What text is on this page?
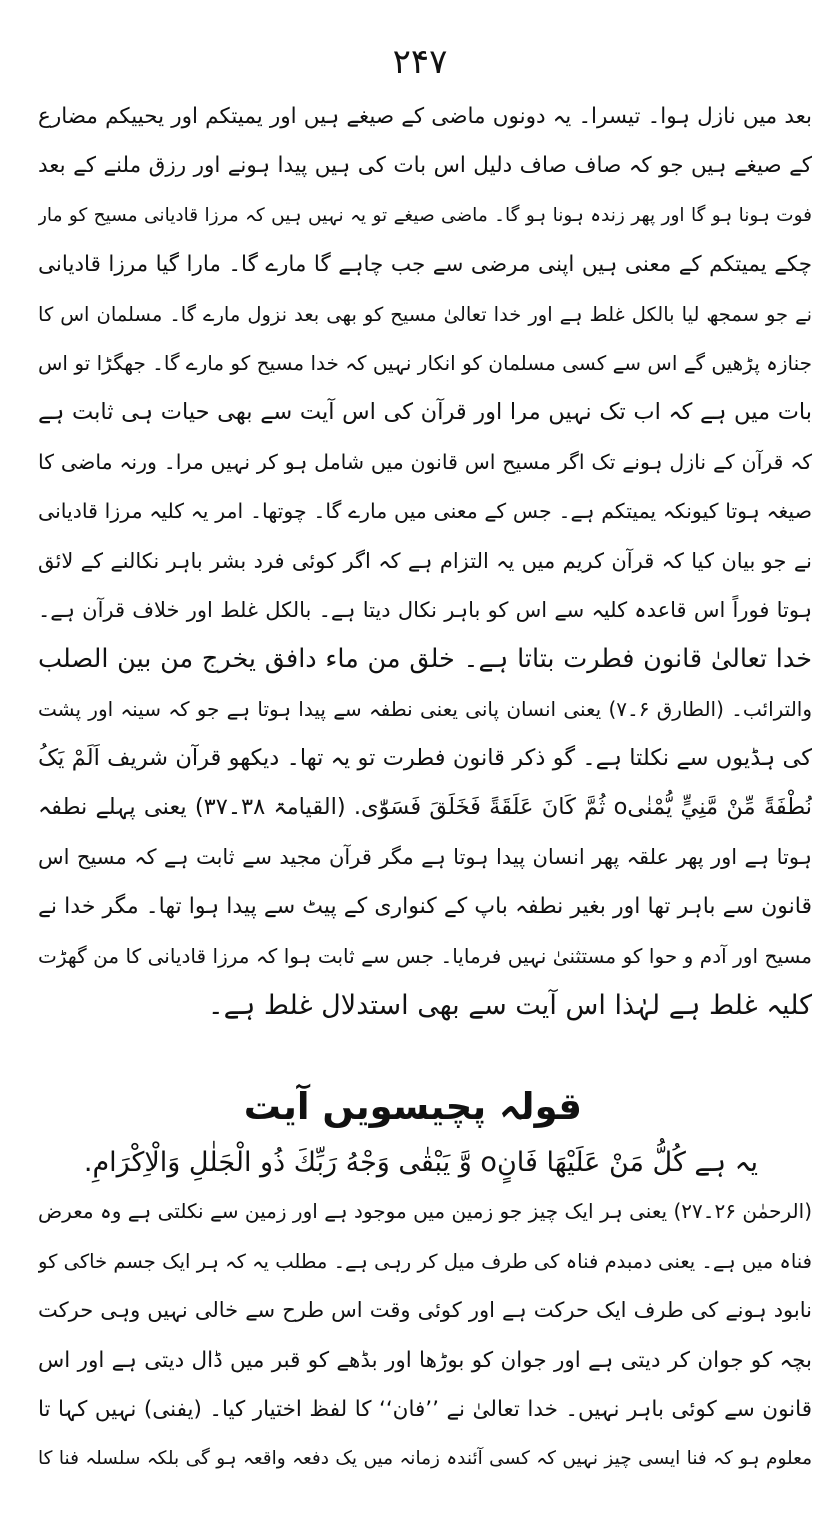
۲۴۷
بعد میں نازل ہوا۔ تیسرا۔ یہ دونوں ماضی کے صیغے ہیں اور یمیتکم اور یحییکم مضارع
کے صیغے ہیں جو کہ صاف صاف دلیل اس بات کی ہیں پیدا ہونے اور رزق ملنے کے بعد
فوت ہونا ہو گا اور پھر زندہ ہونا ہو گا۔ ماضی صیغے تو یہ نہیں ہیں کہ مرزا قادیانی مسیح کو مار
چکے یمیتکم کے معنی ہیں اپنی مرضی سے جب چاہے گا مارے گا۔ مارا گیا مرزا قادیانی
نے جو سمجھ لیا بالکل غلط ہے اور خدا تعالیٰ مسیح کو بھی بعد نزول مارے گا۔ مسلمان اس کا
جنازہ پڑھیں گے اس سے کسی مسلمان کو انکار نہیں کہ خدا مسیح کو مارے گا۔ جھگڑا تو اس
بات میں ہے کہ اب تک نہیں مرا اور قرآن کی اس آیت سے بھی حیات ہی ثابت ہے
کہ قرآن کے نازل ہونے تک اگر مسیح اس قانون میں شامل ہو کر نہیں مرا۔ ورنہ ماضی کا
صیغہ ہوتا کیونکہ یمیتکم ہے۔ جس کے معنی میں مارے گا۔ چوتھا۔ امر یہ کلیہ مرزا قادیانی
نے جو بیان کیا کہ قرآن کریم میں یہ التزام ہے کہ اگر کوئی فرد بشر باہر نکالنے کے لائق
ہوتا فوراً اس قاعدہ کلیہ سے اس کو باہر نکال دیتا ہے۔ بالکل غلط اور خلاف قرآن ہے۔
خدا تعالیٰ قانون فطرت بتاتا ہے۔ خلق من ماء دافق یخرج من بین الصلب
والترائب۔ (الطارق ۶۔۷) یعنی انسان پانی یعنی نطفہ سے پیدا ہوتا ہے جو کہ سینہ اور پشت
کی ہڈیوں سے نکلتا ہے۔ گو ذکر قانون فطرت تو یہ تھا۔ دیکھو قرآن شریف اَلَمْ یَکُ
نُطْفَةً مِّنْ مَّنِيٍّ يُّمْنٰیo ثُمَّ كَانَ عَلَقَةً فَخَلَقَ فَسَوّٰی. (القیامۃ ۳۸۔۳۷) یعنی پہلے نطفہ
ہوتا ہے اور پھر علقہ پھر انسان پیدا ہوتا ہے مگر قرآن مجید سے ثابت ہے کہ مسیح اس
قانون سے باہر تھا اور بغیر نطفہ باپ کے کنواری کے پیٹ سے پیدا ہوا تھا۔ مگر خدا نے
مسیح اور آدم و حوا کو مستثنیٰ نہیں فرمایا۔ جس سے ثابت ہوا کہ مرزا قادیانی کا من گھڑت
کلیہ غلط ہے لہٰذا اس آیت سے بھی استدلال غلط ہے۔
قولہ پچیسویں آیت
یہ ہے كُلُّ مَنْ عَلَيْهَا فَانٍo وَّ يَبْقٰى وَجْهُ رَبِّكَ ذُو الْجَلٰلِ وَالْاِكْرَامِ.
(الرحمٰن ۲۶۔۲۷) یعنی ہر ایک چیز جو زمین میں موجود ہے اور زمین سے نکلتی ہے وہ معرض
فناہ میں ہے۔ یعنی دمبدم فناہ کی طرف میل کر رہی ہے۔ مطلب یہ کہ ہر ایک جسم خاکی کو
نابود ہونے کی طرف ایک حرکت ہے اور کوئی وقت اس طرح سے خالی نہیں وہی حرکت
بچہ کو جوان کر دیتی ہے اور جوان کو بوڑھا اور بڈھے کو قبر میں ڈال دیتی ہے اور اس
قانون سے کوئی باہر نہیں۔ خدا تعالیٰ نے ’’فان‘‘ کا لفظ اختیار کیا۔ (یفنی) نہیں کہا تا
معلوم ہو کہ فنا ایسی چیز نہیں کہ کسی آئندہ زمانہ میں یک دفعہ واقعہ ہو گی بلکہ سلسلہ فنا کا
